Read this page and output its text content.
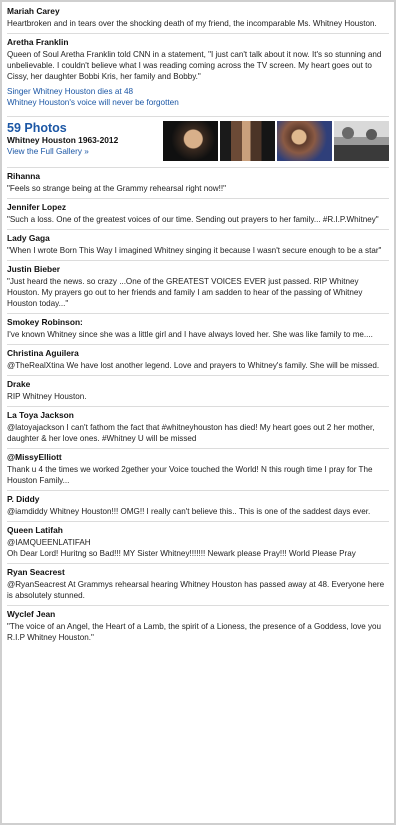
Mariah Carey
Heartbroken and in tears over the shocking death of my friend, the incomparable Ms. Whitney Houston.
Aretha Franklin
Queen of Soul Aretha Franklin told CNN in a statement, "I just can't talk about it now. It's so stunning and unbelievable. I couldn't believe what I was reading coming across the TV screen. My heart goes out to Cissy, her daughter Bobbi Kris, her family and Bobby."
Singer Whitney Houston dies at 48
Whitney Houston's voice will never be forgotten
59 Photos
Whitney Houston 1963-2012
View the Full Gallery »
Rihanna
"Feels so strange being at the Grammy rehearsal right now!!"
Jennifer Lopez
"Such a loss. One of the greatest voices of our time. Sending out prayers to her family... #R.I.P.Whitney"
Lady Gaga
"When I wrote Born This Way I imagined Whitney singing it because I wasn't secure enough to be a star"
Justin Bieber
"Just heard the news. so crazy ...One of the GREATEST VOICES EVER just passed. RIP Whitney Houston. My prayers go out to her friends and family I am sadden to hear of the passing of Whitney Houston today..."
Smokey Robinson:
I've known Whitney since she was a little girl and I have always loved her. She was like family to me....
Christina Aguilera
@TheRealXtina We have lost another legend. Love and prayers to Whitney's family. She will be missed.
Drake
RIP Whitney Houston.
La Toya Jackson
@latoyajackson I can't fathom the fact that #whitneyhouston has died! My heart goes out 2 her mother, daughter & her love ones. #Whitney U will be missed
@MissyElliott
Thank u 4 the times we worked 2gether your Voice touched the World! N this rough time I pray for The Houston Family...
P. Diddy
@iamdiddy Whitney Houston!!! OMG!! I really can't believe this.. This is one of the saddest days ever.
Queen Latifah
@IAMQUEENLATIFAH
Oh Dear Lord! Huritng so Bad!!! MY Sister Whitney!!!!!!! Newark please Pray!!! World Please Pray
Ryan Seacrest
@RyanSeacrest At Grammys rehearsal hearing Whitney Houston has passed away at 48. Everyone here is absolutely stunned.
Wyclef Jean
"The voice of an Angel, the Heart of a Lamb, the spirit of a Lioness, the presence of a Goddess, love you R.I.P Whitney Houston."
